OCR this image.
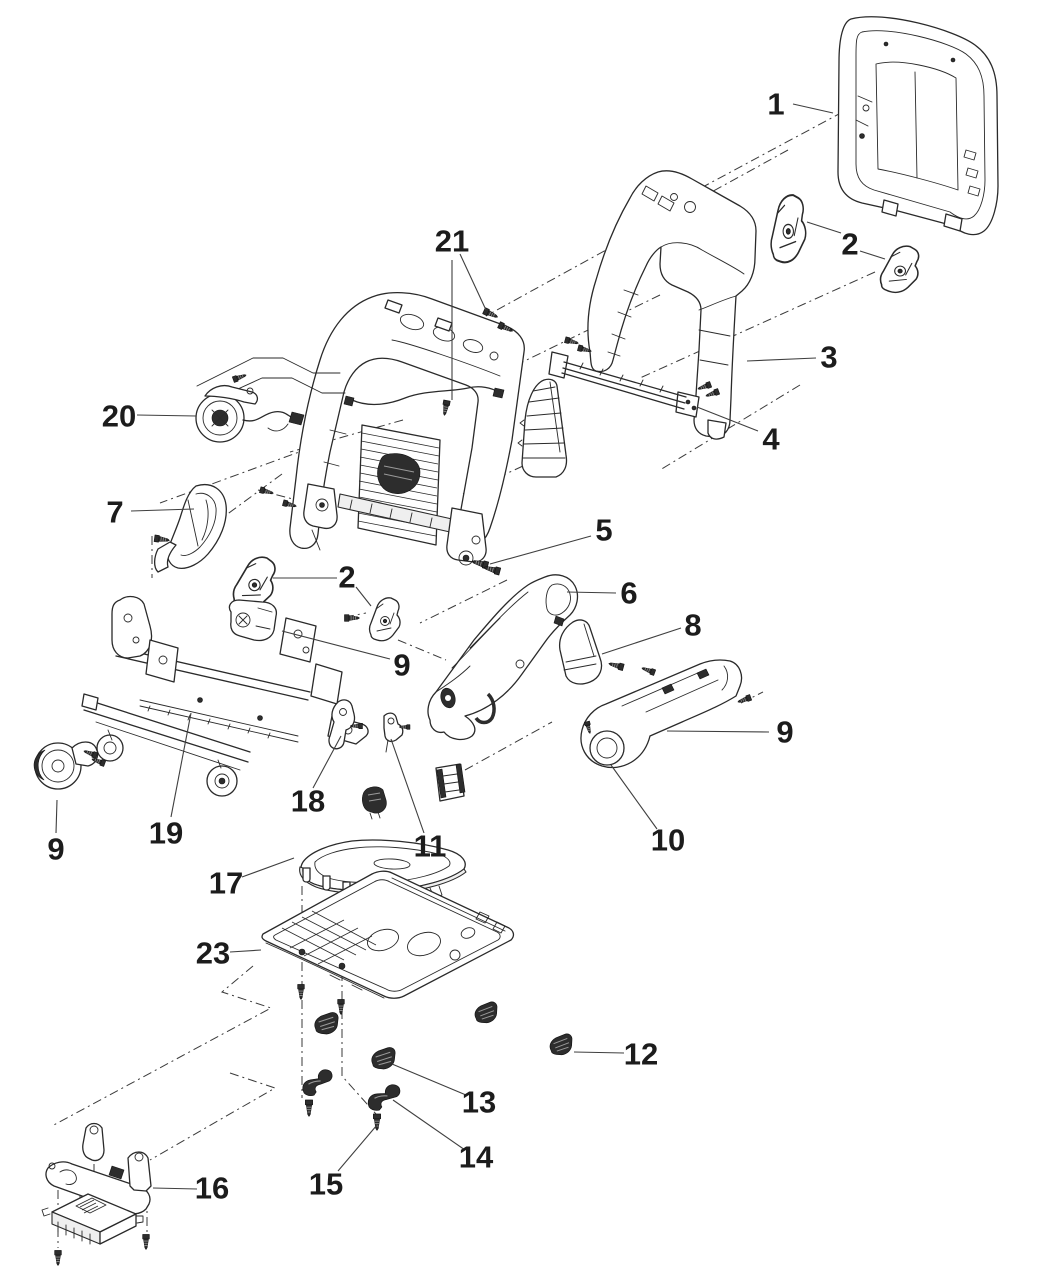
1
2
3
4
21
20
7
2
5
6
9
8
9
10
9	19
18
11
17
23
12
13
14
15
16
